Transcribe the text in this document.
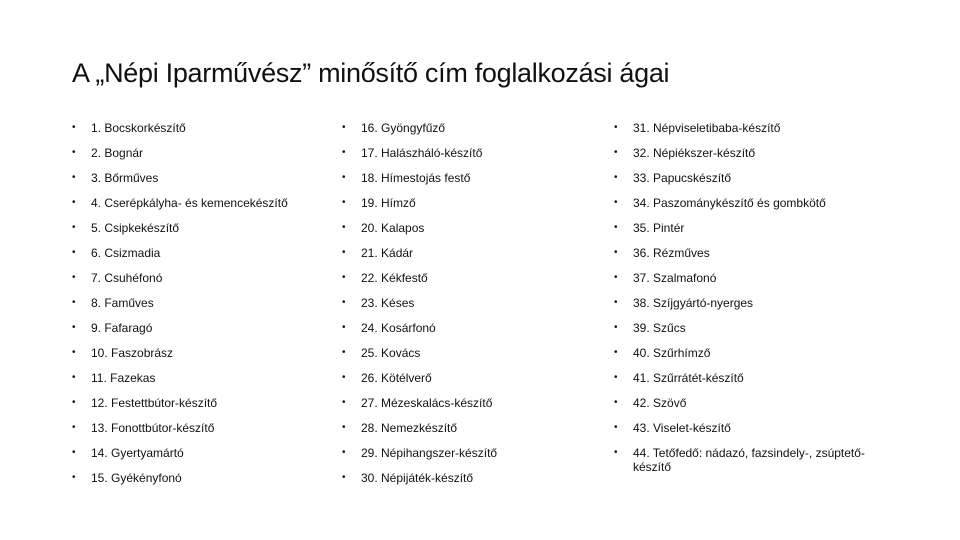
A „Népi Iparművész” minősítő cím foglalkozási ágai
• 1. Bocskorkészítő
• 2. Bognár
• 3. Bőrműves
• 4. Cserépkályha- és kemencekészítő
• 5. Csipkekészítő
• 6. Csizmadia
• 7. Csuhéfonó
• 8. Faműves
• 9. Fafaragó
• 10. Faszobrász
• 11. Fazekas
• 12. Festettbútor-készítő
• 13. Fonottbútor-készítő
• 14. Gyertyamártó
• 15. Gyékényfonó
• 16. Gyöngyfűző
• 17. Halászháló-készítő
• 18. Hímestojás festő
• 19. Hímző
• 20. Kalapos
• 21. Kádár
• 22. Kékfestő
• 23. Késes
• 24. Kosárfonó
• 25. Kovács
• 26. Kötélverő
• 27. Mézeskalács-készítő
• 28. Nemezkészítő
• 29. Népihangszer-készítő
• 30. Népijáték-készítő
• 31. Népviseletibaba-készítő
• 32. Népiékszer-készítő
• 33. Papucskészítő
• 34. Paszománykészítő és gombkötő
• 35. Pintér
• 36. Rézműves
• 37. Szalmafonó
• 38. Szíjgyártó-nyerges
• 39. Szűcs
• 40. Szűrhímző
• 41. Szűrrátét-készítő
• 42. Szövő
• 43. Viselet-készítő
• 44. Tetőfedő: nádazó, fazsindely-, zsúptető-készítő
